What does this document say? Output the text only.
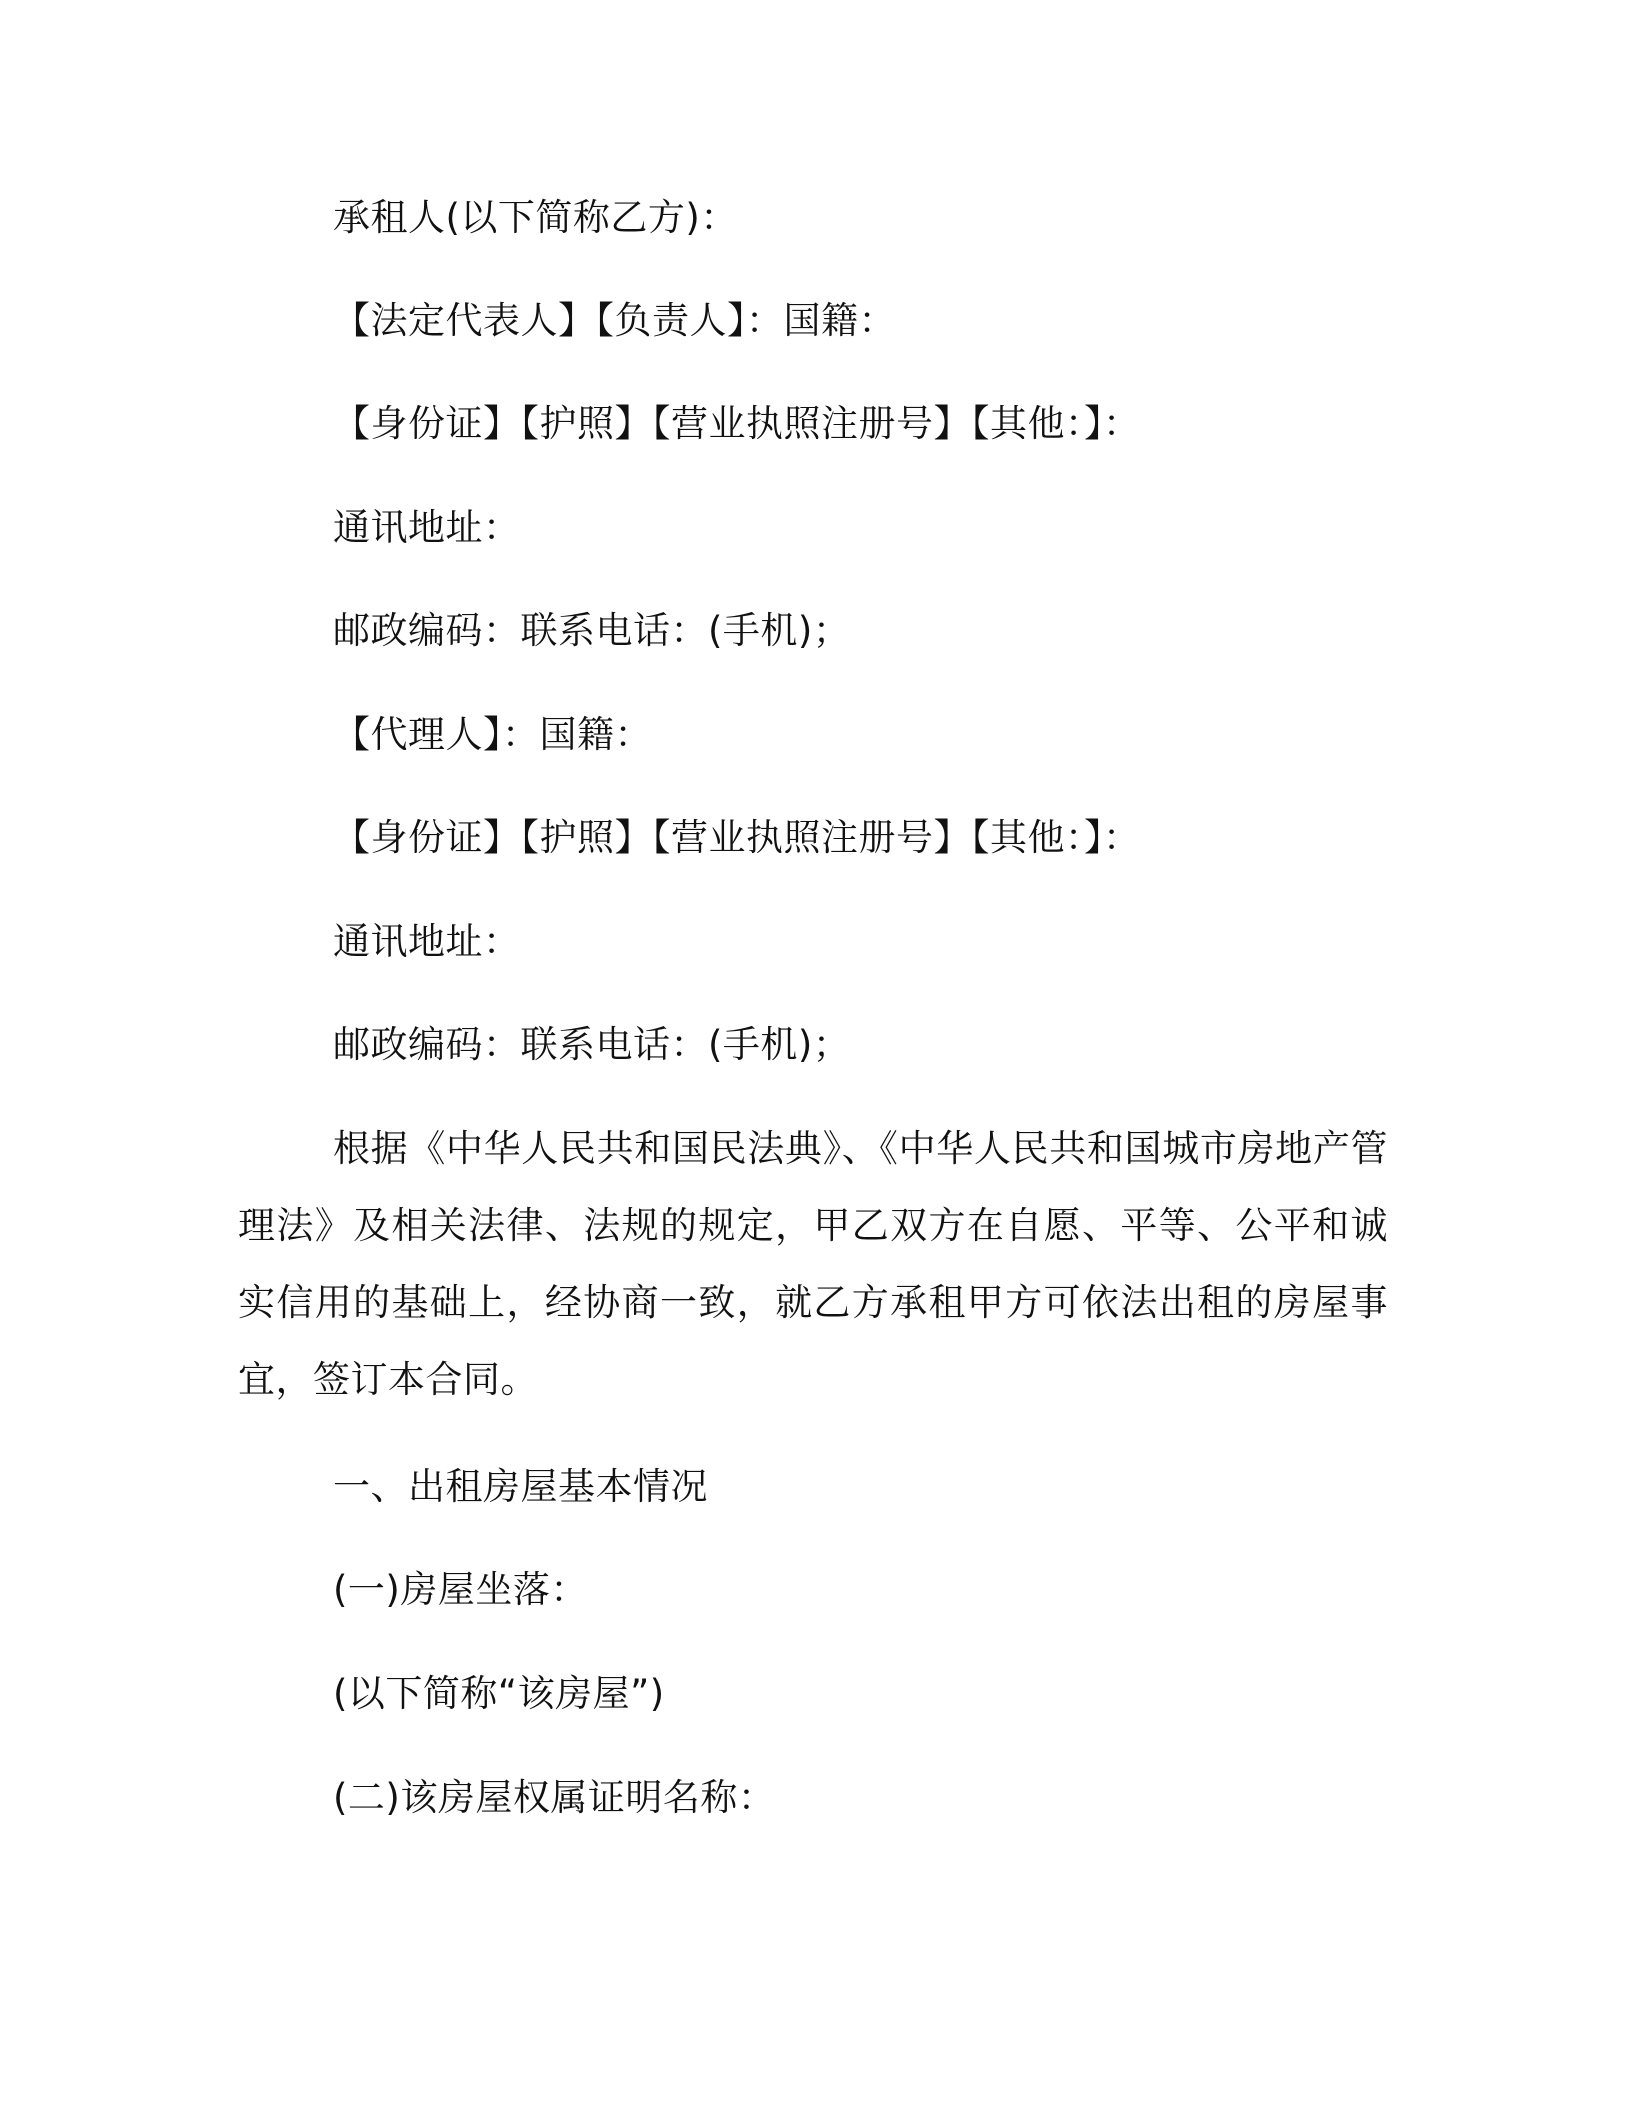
承租人(以下简称乙方)：
【法定代表人】【负责人】：国籍：
【身份证】【护照】【营业执照注册号】【其他：】：
通讯地址：
邮政编码：联系电话：(手机)；
【代理人】：国籍：
【身份证】【护照】【营业执照注册号】【其他：】：
通讯地址：
邮政编码：联系电话：(手机)；

根据《中华人民共和国民法典》、《中华人民共和国城市房地产管理法》及相关法律、法规的规定，甲乙双方在自愿、平等、公平和诚实信用的基础上，经协商一致，就乙方承租甲方可依法出租的房屋事宜，签订本合同。

一、出租房屋基本情况
(一)房屋坐落：
(以下简称“该房屋”)
(二)该房屋权属证明名称：
